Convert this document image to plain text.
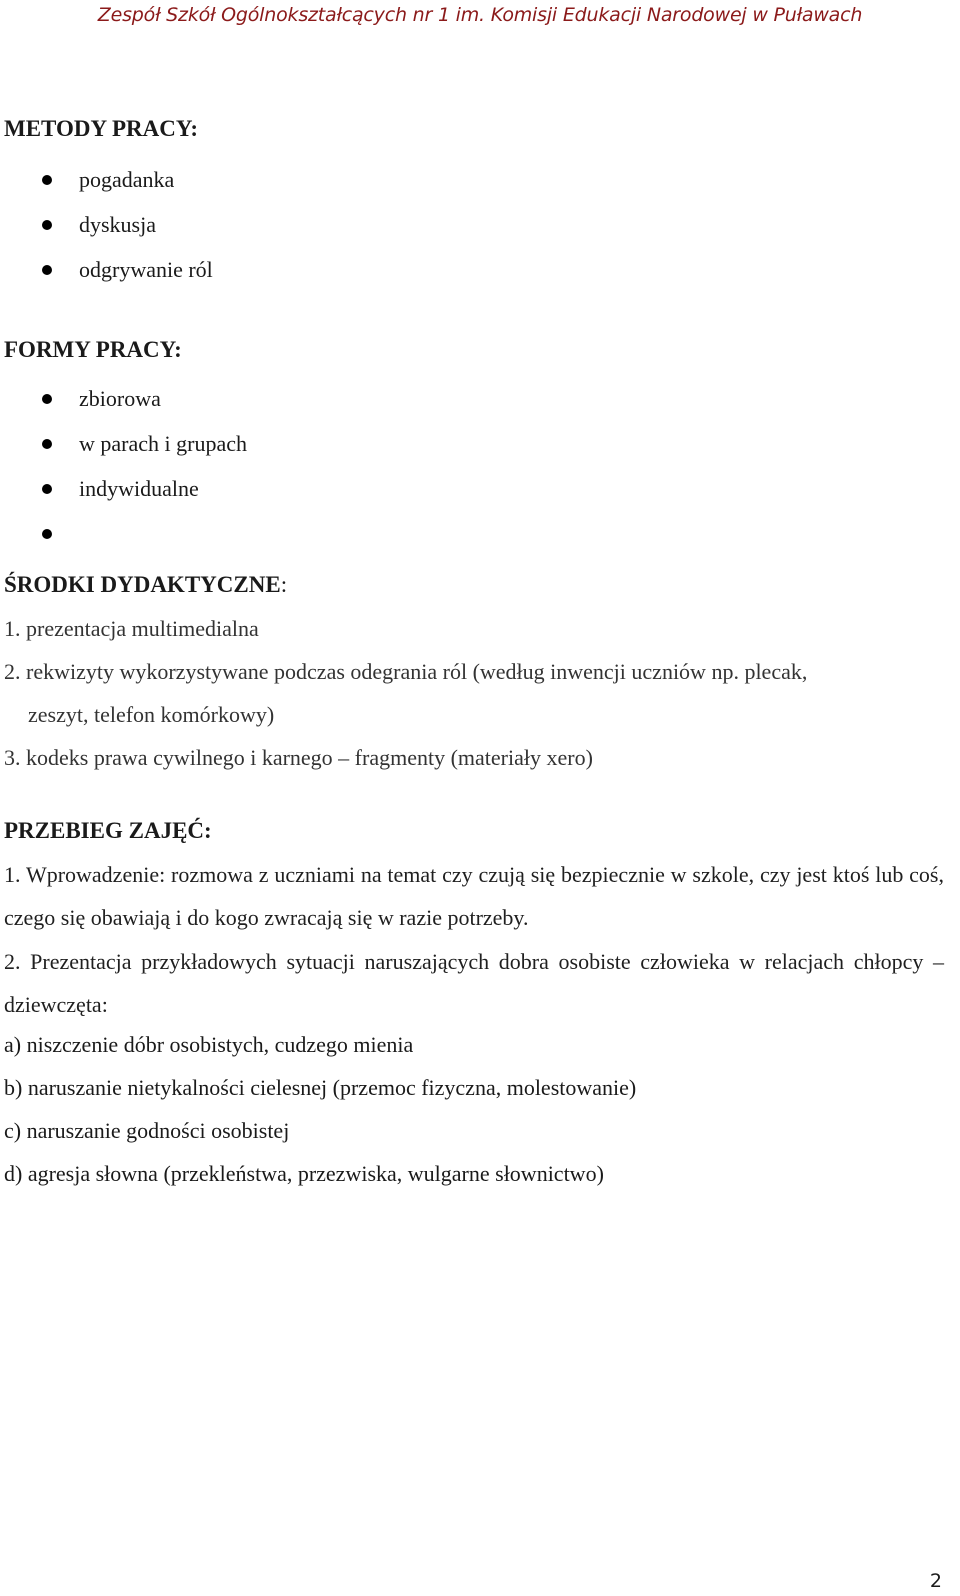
Zespół Szkół Ogólnokształcących nr 1 im. Komisji Edukacji Narodowej w Puławach
METODY PRACY:
pogadanka
dyskusja
odgrywanie ról
FORMY PRACY:
zbiorowa
w parach i grupach
indywidualne
ŚRODKI DYDAKTYCZNE:
1. prezentacja multimedialna
2. rekwizyty wykorzystywane podczas odegrania ról (według inwencji uczniów np. plecak,
zeszyt, telefon komórkowy)
3. kodeks prawa cywilnego i karnego – fragmenty (materiały xero)
PRZEBIEG ZAJĘĆ:
1. Wprowadzenie: rozmowa z uczniami na temat czy czują się bezpiecznie w szkole, czy jest ktoś lub coś, czego się obawiają i do kogo zwracają się w razie potrzeby.
2. Prezentacja przykładowych sytuacji naruszających dobra osobiste człowieka w relacjach chłopcy – dziewczęta:
a) niszczenie dóbr osobistych, cudzego mienia
b) naruszanie nietykalności cielesnej (przemoc fizyczna, molestowanie)
c) naruszanie godności osobistej
d) agresja słowna (przekleństwa, przezwiska, wulgarne słownictwo)
2
